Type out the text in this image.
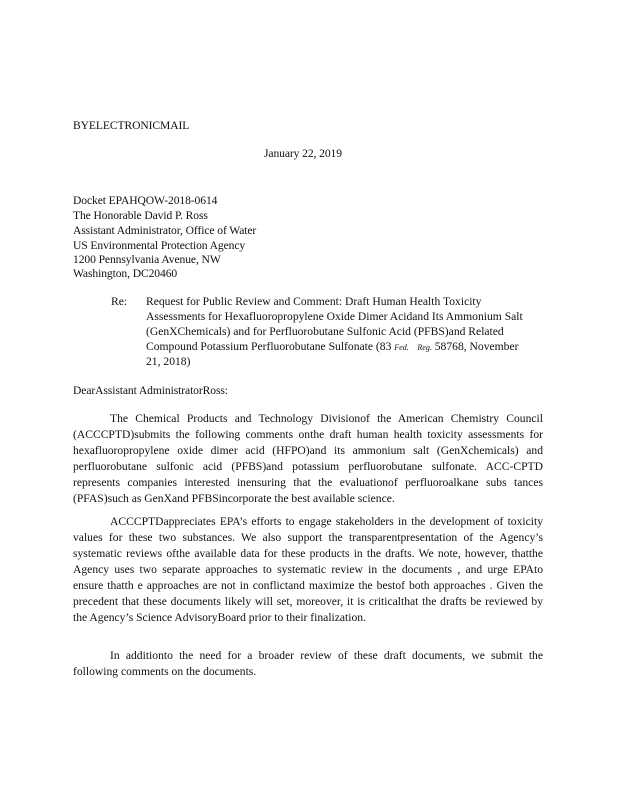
BYELECTRONICMAIL
January 22, 2019
Docket EPAHQOW-2018-0614
The Honorable David P. Ross
Assistant Administrator, Office of Water
US Environmental Protection Agency
1200 Pennsylvania Avenue, NW
Washington, DC20460
Re: Request for Public Review and Comment: Draft Human Health Toxicity
Assessments for Hexafluoropropylene Oxide Dimer Acidand Its Ammonium Salt
(GenXChemicals) and for Perfluorobutane Sulfonic Acid (PFBS)and Related
Compound Potassium Perfluorobutane Sulfonate (83 Fed. Reg. 58768, November
21, 2018)
DearAssistant AdministratorRoss:
The Chemical Products and Technology Divisionof the American Chemistry Council (ACCCPTD)submits the following comments onthe draft human health toxicity assessments for hexafluoropropylene oxide dimer acid (HFPO)and its ammonium salt (GenXchemicals) and perfluorobutane sulfonic acid (PFBS)and potassium perfluorobutane sulfonate. ACC-CPTD represents companies interested inensuring that the evaluationof perfluoroalkane subs tances (PFAS)such as GenXand PFBSincorporate the best available science.
ACCCPTDappreciates EPA’s efforts to engage stakeholders in the development of toxicity values for these two substances. We also support the transparentpresentation of the Agency’s systematic reviews ofthe available data for these products in the drafts. We note, however, thatthe Agency uses two separate approaches to systematic review in the documents , and urge EPAto ensure thatth e approaches are not in conflictand maximize the bestof both approaches . Given the precedent that these documents likely will set, moreover, it is criticalthat the drafts be reviewed by the Agency’s Science AdvisoryBoard prior to their finalization.
In additionto the need for a broader review of these draft documents, we submit the following comments on the documents.
